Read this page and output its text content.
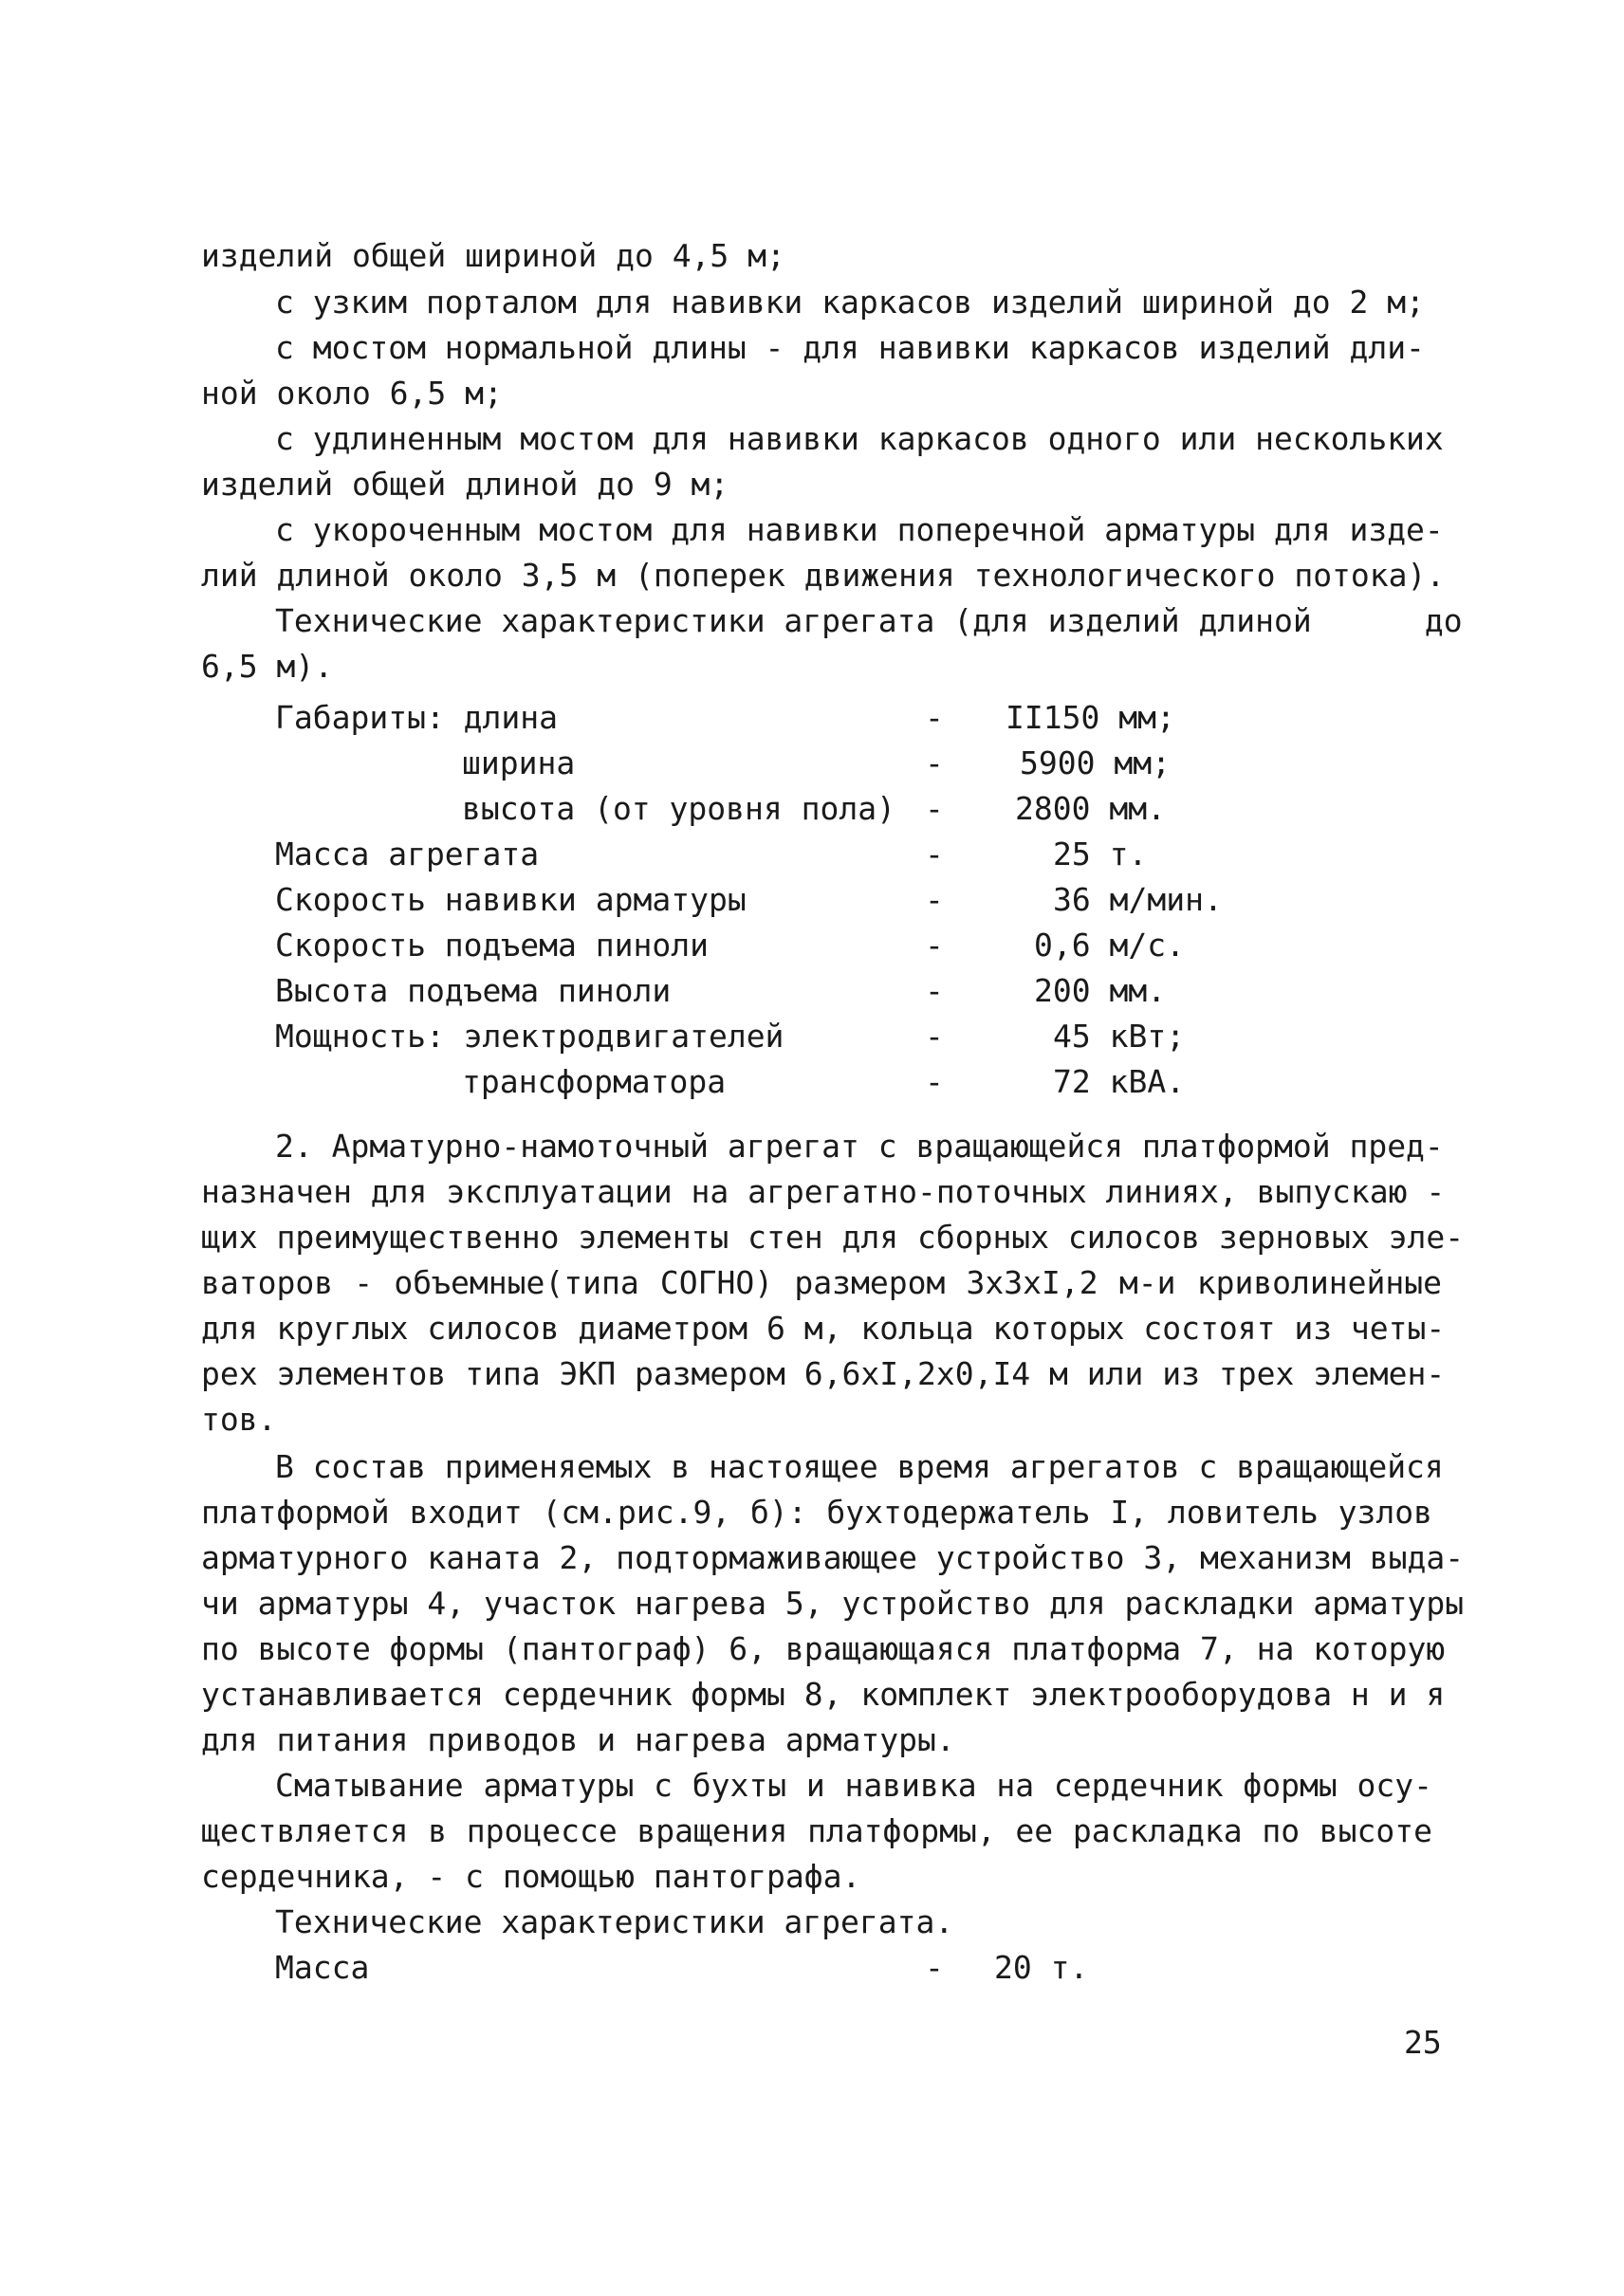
изделий общей шириной до 4,5 м;
с узким порталом для навивки каркасов изделий шириной до 2 м;
с мостом нормальной длины - для навивки каркасов изделий дли-
ной около 6,5 м;
с удлиненным мостом для навивки каркасов одного или нескольких
изделий общей длиной до 9 м;
с укороченным мостом для навивки поперечной арматуры для изде-
лий длиной около 3,5 м (поперек движения технологического потока).
Технические характеристики агрегата (для изделий длиной      до
6,5 м).
Габариты: длина	- II150 мм;
ширина	- 5900 мм;
высота (от уровня пола) - 2800 мм.
Масса агрегата	-	25 т.
Скорость навивки арматуры	-	36 м/мин.
Скорость подъема пиноли	-	0,6 м/с.
Высота подъема пиноли	-	200 мм.
Мощность: электродвигателей	-	45 кВт;
трансформатора	-	72 кВА.
2. Арматурно-намоточный агрегат с вращающейся платформой пред-
назначен для эксплуатации на агрегатно-поточных линиях, выпускаю -
щих преимущественно элементы стен для сборных силосов зерновых эле-
ваторов - объемные(типа СОГНО) размером 3х3хI,2 м-и криволинейные
для круглых силосов диаметром 6 м, кольца которых состоят из четы-
рех элементов типа ЭКП размером 6,6хI,2х0,I4 м или из трех элемен-
тов.
В состав применяемых в настоящее время агрегатов с вращающейся
платформой входит (см.рис.9, б): бухтодержатель I, ловитель узлов
арматурного каната 2, подтормаживающее устройство 3, механизм выда-
чи арматуры 4, участок нагрева 5, устройство для раскладки арматуры
по высоте формы (пантограф) 6, вращающаяся платформа 7, на которую
устанавливается сердечник формы 8, комплект электрооборудова н и я
для питания приводов и нагрева арматуры.
Сматывание арматуры с бухты и навивка на сердечник формы осу-
ществляется в процессе вращения платформы, ее раскладка по высоте
сердечника, - с помощью пантографа.
Технические характеристики агрегата.
Масса	- 20 т.
25
